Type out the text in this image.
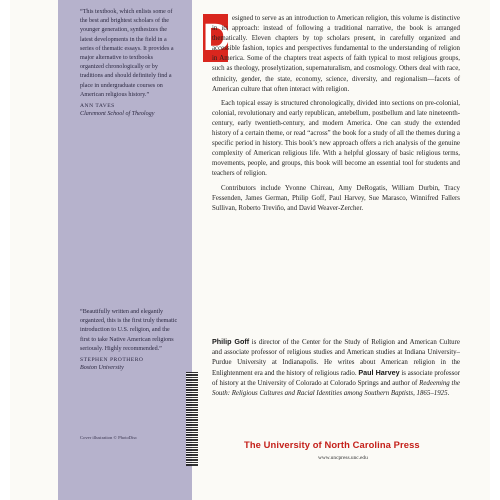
“This textbook, which enlists some of the best and brightest scholars of the younger generation, synthesizes the latest developments in the field in a series of thematic essays. It provides a major alternative to textbooks organized chronologically or by traditions and should definitely find a place in undergraduate courses on American religious history.”

ANN TAVES
Claremont School of Theology

“Beautifully written and elegantly organized, this is the first truly thematic introduction to U.S. religion, and the first to take Native American religions seriously. Highly recommended.”

STEPHEN PROTHERO
Boston University
Cover illustration © PhotoDisc
D esigned to serve as an introduction to American religion, this volume is distinctive in its approach: instead of following a traditional narrative, the book is arranged thematically. Eleven chapters by top scholars present, in carefully organized and accessible fashion, topics and perspectives fundamental to the understanding of religion in America. Some of the chapters treat aspects of faith typical to most religious groups, such as theology, proselytization, supernaturalism, and cosmology. Others deal with race, ethnicity, gender, the state, economy, science, diversity, and regionalism—facets of American culture that often interact with religion.

Each topical essay is structured chronologically, divided into sections on pre-colonial, colonial, revolutionary and early republican, antebellum, postbellum and late nineteenth-century, early twentieth-century, and modern America. One can study the extended history of a certain theme, or read “across” the book for a study of all the themes during a specific period in history. This book’s new approach offers a rich analysis of the genuine complexity of American religious life. With a helpful glossary of basic religious terms, movements, people, and groups, this book will become an essential tool for students and teachers of religion.

Contributors include Yvonne Chireau, Amy DeRogatis, William Durbin, Tracy Fessenden, James German, Philip Goff, Paul Harvey, Sue Marasco, Winnifred Fallers Sullivan, Roberto Treviño, and David Weaver-Zercher.

Philip Goff is director of the Center for the Study of Religion and American Culture and associate professor of religious studies and American studies at Indiana University–Purdue University at Indianapolis. He writes about American religion in the Enlightenment era and the history of religious radio. Paul Harvey is associate professor of history at the University of Colorado at Colorado Springs and author of Redeeming the South: Religious Cultures and Racial Identities among Southern Baptists, 1865–1925.
The University of North Carolina Press
www.uncpress.unc.edu
